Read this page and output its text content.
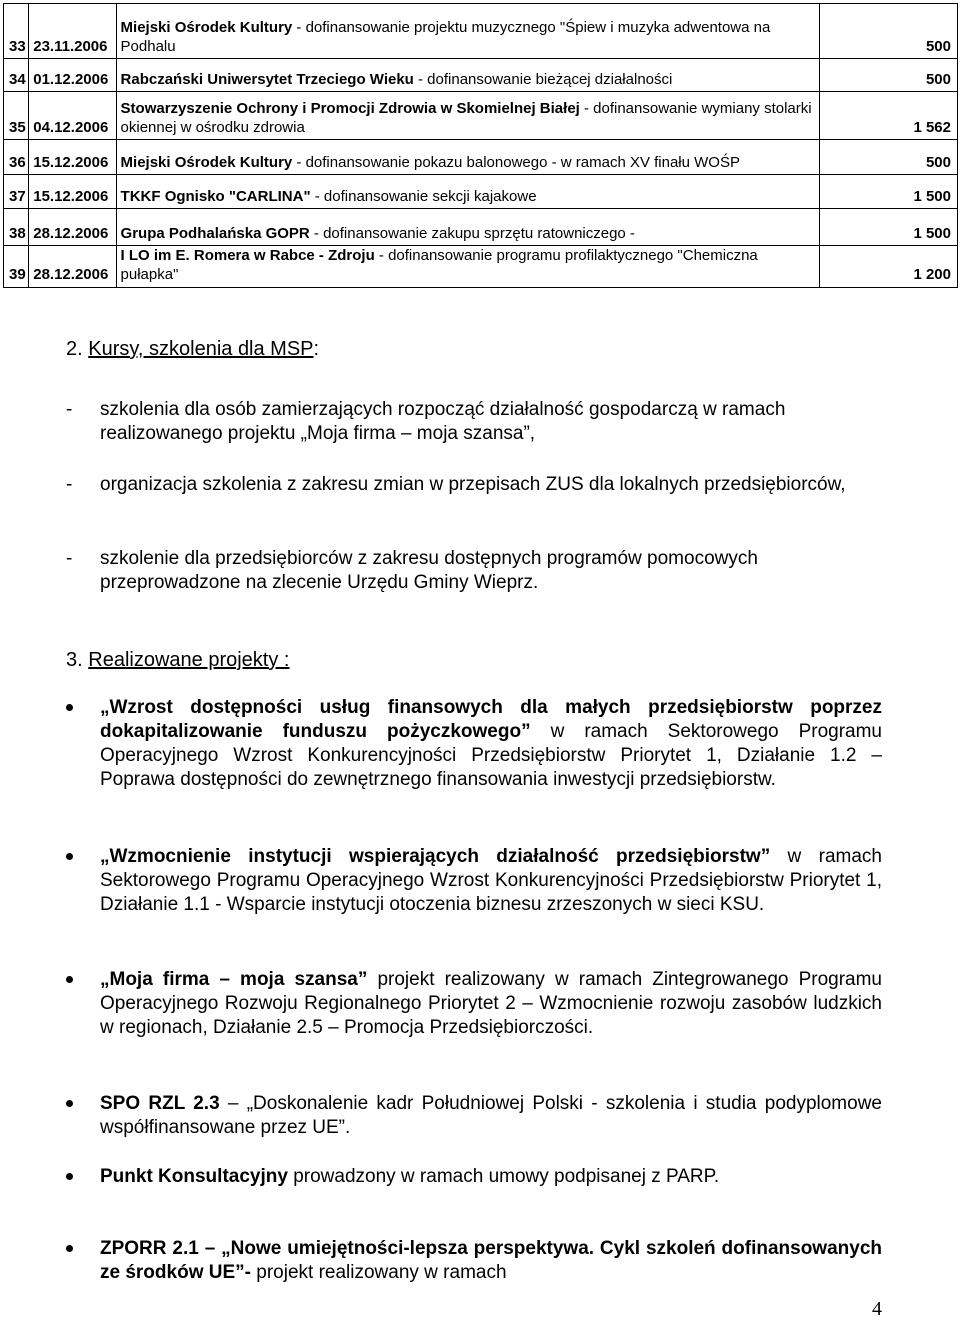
33	23.11.2006	Miejski Ośrodek Kultury - dofinansowanie projektu muzycznego "Śpiew i muzyka adwentowa na Podhalu	500
34	01.12.2006	Rabczański Uniwersytet Trzeciego Wieku - dofinansowanie bieżącej działalności	500
35	04.12.2006	Stowarzyszenie Ochrony i Promocji Zdrowia w Skomielnej Białej - dofinansowanie wymiany stolarki okiennej w ośrodku zdrowia	1 562
36	15.12.2006	Miejski Ośrodek Kultury - dofinansowanie pokazu balonowego - w ramach XV finału WOŚP	500
37	15.12.2006	TKKF Ognisko "CARLINA" - dofinansowanie sekcji kajakowe	1 500
38	28.12.2006	Grupa Podhalańska GOPR - dofinansowanie zakupu sprzętu ratowniczego -	1 500
39	28.12.2006	I LO im E. Romera w Rabce - Zdroju - dofinansowanie programu profilaktycznego "Chemiczna pułapka"	1 200
2. Kursy, szkolenia dla MSP:
- szkolenia dla osób zamierzających rozpocząć działalność gospodarczą w ramach realizowanego projektu „Moja firma – moja szansa”,
- organizacja szkolenia z zakresu zmian w przepisach ZUS dla lokalnych przedsiębiorców,
- szkolenie dla przedsiębiorców z zakresu dostępnych programów pomocowych przeprowadzone na zlecenie Urzędu Gminy Wieprz.
3. Realizowane projekty :
„Wzrost dostępności usług finansowych dla małych przedsiębiorstw poprzez dokapitalizowanie funduszu pożyczkowego” w ramach Sektorowego Programu Operacyjnego Wzrost Konkurencyjności Przedsiębiorstw Priorytet 1, Działanie 1.2 – Poprawa dostępności do zewnętrznego finansowania inwestycji przedsiębiorstw.
„Wzmocnienie instytucji wspierających działalność przedsiębiorstw” w ramach Sektorowego Programu Operacyjnego Wzrost Konkurencyjności Przedsiębiorstw Priorytet 1, Działanie 1.1 - Wsparcie instytucji otoczenia biznesu zrzeszonych w sieci KSU.
„Moja firma – moja szansa” projekt realizowany w ramach Zintegrowanego Programu Operacyjnego Rozwoju Regionalnego Priorytet 2 – Wzmocnienie rozwoju zasobów ludzkich w regionach, Działanie 2.5 – Promocja Przedsiębiorczości.
SPO RZL 2.3 – „Doskonalenie kadr Południowej Polski - szkolenia i studia podyplomowe współfinansowane przez UE”.
Punkt Konsultacyjny prowadzony w ramach umowy podpisanej z PARP.
ZPORR 2.1 – „Nowe umiejętności-lepsza perspektywa. Cykl szkoleń dofinansowanych ze środków UE”- projekt realizowany w ramach
4
